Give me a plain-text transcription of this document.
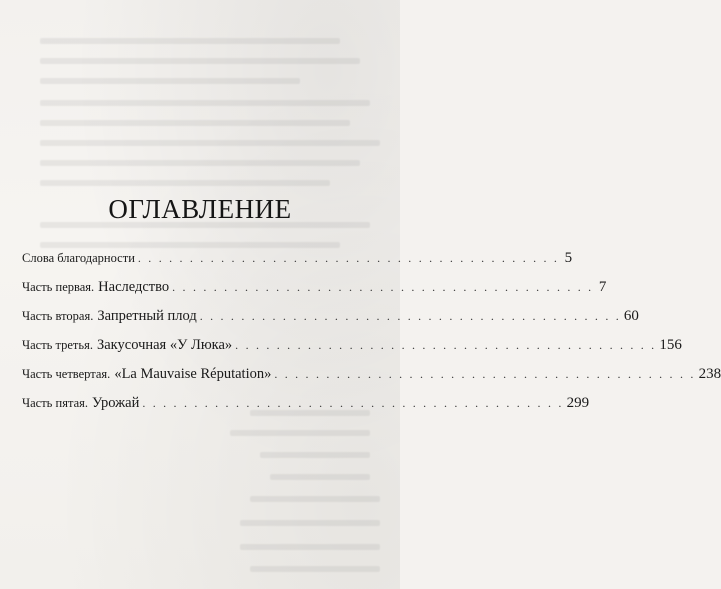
ОГЛАВЛЕНИЕ
Слова благодарности . . . . . . . . . . . . . . . . . . . . . . . . . . . . . . . . . . . . . . . . . 5
Часть первая. Наследство . . . . . . . . . . . . . . . . . . . . . . . . . . . . . . . . . . . . . . . . . 7
Часть вторая. Запретный плод . . . . . . . . . . . . . . . . . . . . . . . . . . . . . . . . . . . . . . . . . 60
Часть третья. Закусочная «У Люка» . . . . . . . . . . . . . . . . . . . . . . . . . . . . . . . . . . . . . . . . . 156
Часть четвертая. «La Mauvaise Réputation» . . . . . . . . . . . . . . . . . . . . . . . . . . . . . . . . . . . . . . . . . 238
Часть пятая. Урожай . . . . . . . . . . . . . . . . . . . . . . . . . . . . . . . . . . . . . . . . . 299
